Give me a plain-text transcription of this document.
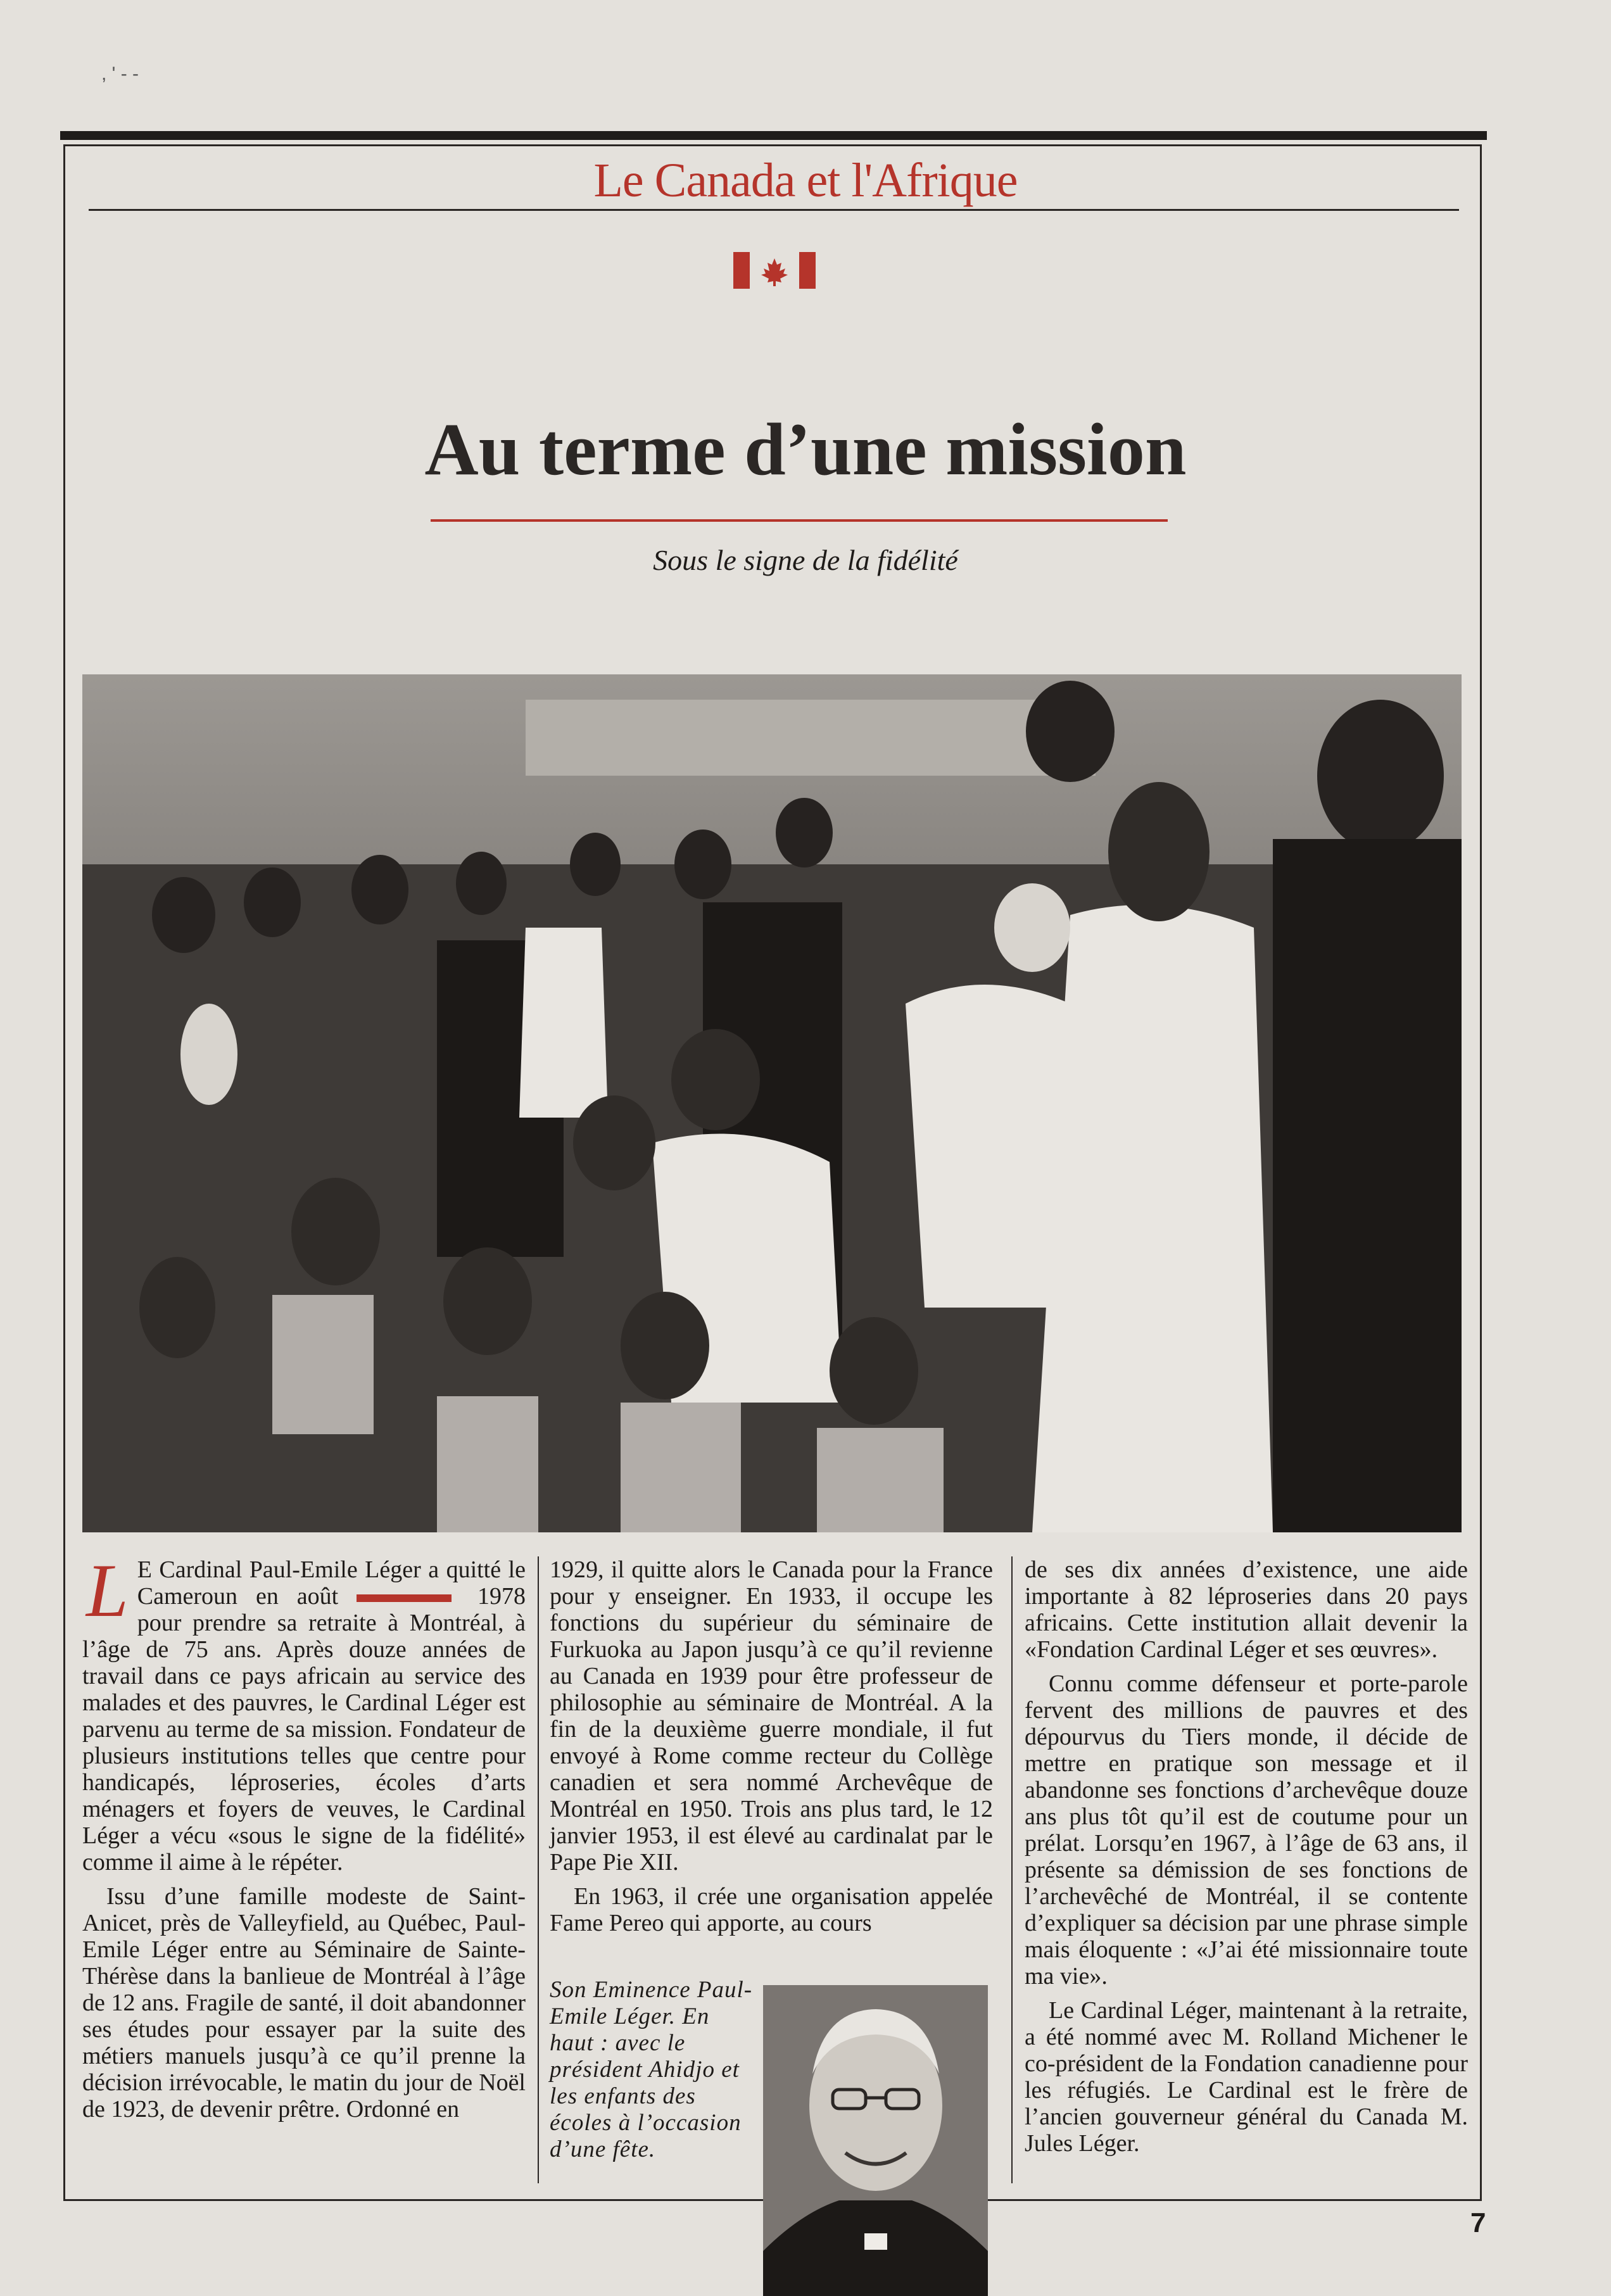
, ' - -
Le Canada et l'Afrique
Au terme d’une mission
Sous le signe de la fidélité

L E Cardinal Paul-Emile Léger a quitté le Cameroun en août	1978 pour prendre sa retraite à Montréal, à l’âge de 75 ans. Après douze années de travail dans ce pays africain au service des malades et des pauvres, le Cardinal Léger est parvenu au terme de sa mission. Fondateur de plusieurs institutions telles que centre pour handicapés, léproseries, écoles d’arts ménagers et foyers de veuves, le Cardinal Léger a vécu «sous le signe de la fidélité» comme il aime à le répéter.

Issu d’une famille modeste de Saint-Anicet, près de Valleyfield, au Québec, Paul-Emile Léger entre au Séminaire de Sainte-Thérèse dans la banlieue de Montréal à l’âge de 12 ans. Fragile de santé, il doit abandonner ses études pour essayer par la suite des métiers manuels jusqu’à ce qu’il prenne la décision irrévocable, le matin du jour de Noël de 1923, de devenir prêtre. Ordonné en

1929, il quitte alors le Canada pour la France pour y enseigner. En 1933, il occupe les fonctions du supérieur du séminaire de Furkuoka au Japon jusqu’à ce qu’il revienne au Canada en 1939 pour être professeur de philosophie au séminaire de Montréal. A la fin de la deuxième guerre mondiale, il fut envoyé à Rome comme recteur du Collège canadien et sera nommé Archevêque de Montréal en 1950. Trois ans plus tard, le 12 janvier 1953, il est élevé au cardinalat par le Pape Pie XII.

En 1963, il crée une organisation appelée Fame Pereo qui apporte, au cours

de ses dix années d’existence, une aide importante à 82 léproseries dans 20 pays africains. Cette institution allait devenir la «Fondation Cardinal Léger et ses œuvres».

Connu comme défenseur et porte-parole fervent des millions de pauvres et des dépourvus du Tiers monde, il décide de mettre en pratique son message et il abandonne ses fonctions d’archevêque douze ans plus tôt qu’il est de coutume pour un prélat. Lorsqu’en 1967, à l’âge de 63 ans, il présente sa démission de ses fonctions de l’archevêché de Montréal, il se contente d’expliquer sa décision par une phrase simple mais éloquente : «J’ai été missionnaire toute ma vie».

Le Cardinal Léger, maintenant à la retraite, a été nommé avec M. Rolland Michener le co-président de la Fondation canadienne pour les réfugiés. Le Cardinal est le frère de l’ancien gouverneur général du Canada M. Jules Léger.

Son Eminence Paul-Emile Léger. En haut : avec le président Ahidjo et les enfants des écoles à l’occasion d’une fête.
7
